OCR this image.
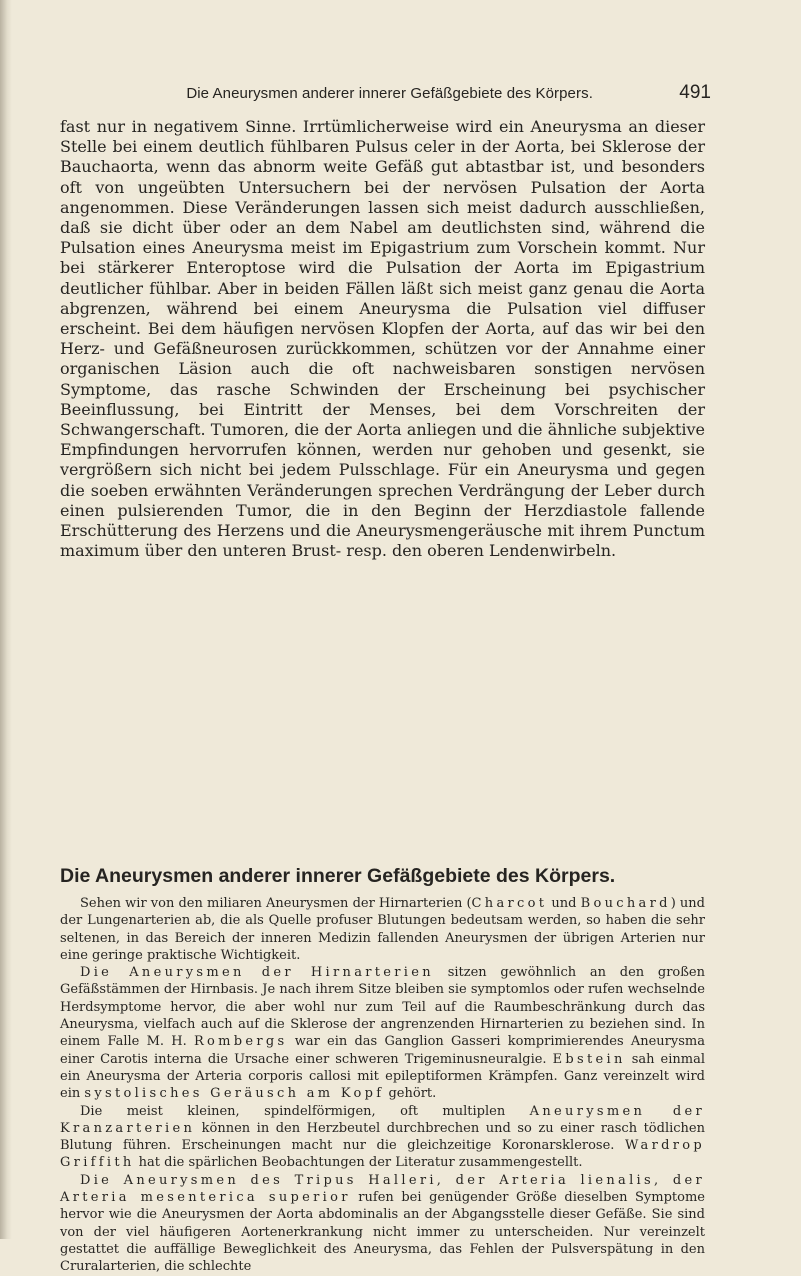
Die Aneurysmen anderer innerer Gefäßgebiete des Körpers.	491

fast nur in negativem Sinne. Irrtümlicherweise wird ein Aneurysma an dieser Stelle bei einem deutlich fühlbaren Pulsus celer in der Aorta, bei Sklerose der Bauchaorta, wenn das abnorm weite Gefäß gut abtastbar ist, und besonders oft von ungeübten Untersuchern bei der nervösen Pulsation der Aorta angenommen. Diese Veränderungen lassen sich meist dadurch ausschließen, daß sie dicht über oder an dem Nabel am deutlichsten sind, während die Pulsation eines Aneurysma meist im Epigastrium zum Vorschein kommt. Nur bei stärkerer Enteroptose wird die Pulsation der Aorta im Epigastrium deutlicher fühlbar. Aber in beiden Fällen läßt sich meist ganz genau die Aorta abgrenzen, während bei einem Aneurysma die Pulsation viel diffuser erscheint. Bei dem häufigen nervösen Klopfen der Aorta, auf das wir bei den Herz- und Gefäßneurosen zurückkommen, schützen vor der Annahme einer organischen Läsion auch die oft nachweisbaren sonstigen nervösen Symptome, das rasche Schwinden der Erscheinung bei psychischer Beeinflussung, bei Eintritt der Menses, bei dem Vorschreiten der Schwangerschaft. Tumoren, die der Aorta anliegen und die ähnliche subjektive Empfindungen hervorrufen können, werden nur gehoben und gesenkt, sie vergrößern sich nicht bei jedem Pulsschlage. Für ein Aneurysma und gegen die soeben erwähnten Veränderungen sprechen Verdrängung der Leber durch einen pulsierenden Tumor, die in den Beginn der Herzdiastole fallende Erschütterung des Herzens und die Aneurysmengeräusche mit ihrem Punctum maximum über den unteren Brust- resp. den oberen Lendenwirbeln.

Die Aneurysmen anderer innerer Gefäßgebiete des Körpers.

Sehen wir von den miliaren Aneurysmen der Hirnarterien (Charcot und Bouchard) und der Lungenarterien ab, die als Quelle profuser Blutungen bedeutsam werden, so haben die sehr seltenen, in das Bereich der inneren Medizin fallenden Aneurysmen der übrigen Arterien nur eine geringe praktische Wichtigkeit.

Die Aneurysmen der Hirnarterien sitzen gewöhnlich an den großen Gefäßstämmen der Hirnbasis. Je nach ihrem Sitze bleiben sie symptomlos oder rufen wechselnde Herdsymptome hervor, die aber wohl nur zum Teil auf die Raumbeschränkung durch das Aneurysma, vielfach auch auf die Sklerose der angrenzenden Hirnarterien zu beziehen sind. In einem Falle M. H. Rombergs war ein das Ganglion Gasseri komprimierendes Aneurysma einer Carotis interna die Ursache einer schweren Trigeminusneuralgie. Ebstein sah einmal ein Aneurysma der Arteria corporis callosi mit epileptiformen Krämpfen. Ganz vereinzelt wird ein systolisches Geräusch am Kopf gehört.

Die meist kleinen, spindelförmigen, oft multiplen Aneurysmen der Kranzarterien können in den Herzbeutel durchbrechen und so zu einer rasch tödlichen Blutung führen. Erscheinungen macht nur die gleichzeitige Koronarsklerose. Wardrop Griffith hat die spärlichen Beobachtungen der Literatur zusammengestellt.

Die Aneurysmen des Tripus Halleri, der Arteria lienalis, der Arteria mesenterica superior rufen bei genügender Größe dieselben Symptome hervor wie die Aneurysmen der Aorta abdominalis an der Abgangsstelle dieser Gefäße. Sie sind von der viel häufigeren Aortenerkrankung nicht immer zu unterscheiden. Nur vereinzelt gestattet die auffällige Beweglichkeit des Aneurysma, das Fehlen der Pulsverspätung in den Cruralarterien, die schlechte
